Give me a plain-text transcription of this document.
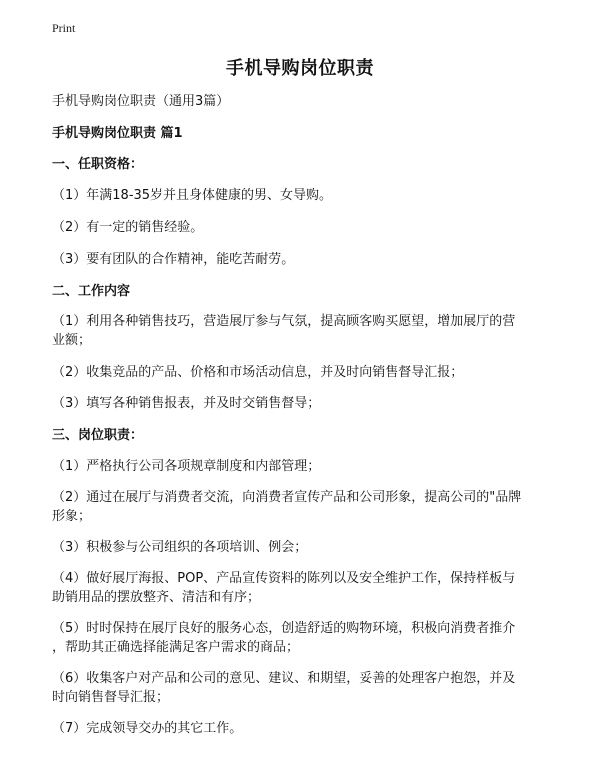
Print
手机导购岗位职责
手机导购岗位职责（通用3篇）
手机导购岗位职责 篇1
一、任职资格：
（1）年满18-35岁并且身体健康的男、女导购。
（2）有一定的销售经验。
（3）要有团队的合作精神，能吃苦耐劳。
二、工作内容
（1）利用各种销售技巧，营造展厅参与气氛，提高顾客购买愿望，增加展厅的营
业额；
（2）收集竞品的产品、价格和市场活动信息，并及时向销售督导汇报；
（3）填写各种销售报表，并及时交销售督导；
三、岗位职责：
（1）严格执行公司各项规章制度和内部管理；
（2）通过在展厅与消费者交流，向消费者宣传产品和公司形象，提高公司的"品牌
形象；
（3）积极参与公司组织的各项培训、例会；
（4）做好展厅海报、POP、产品宣传资料的陈列以及安全维护工作，保持样板与
助销用品的摆放整齐、清洁和有序；
（5）时时保持在展厅良好的服务心态，创造舒适的购物环境，积极向消费者推介
，帮助其正确选择能满足客户需求的商品；
（6）收集客户对产品和公司的意见、建议、和期望，妥善的处理客户抱怨，并及
时向销售督导汇报；
（7）完成领导交办的其它工作。
